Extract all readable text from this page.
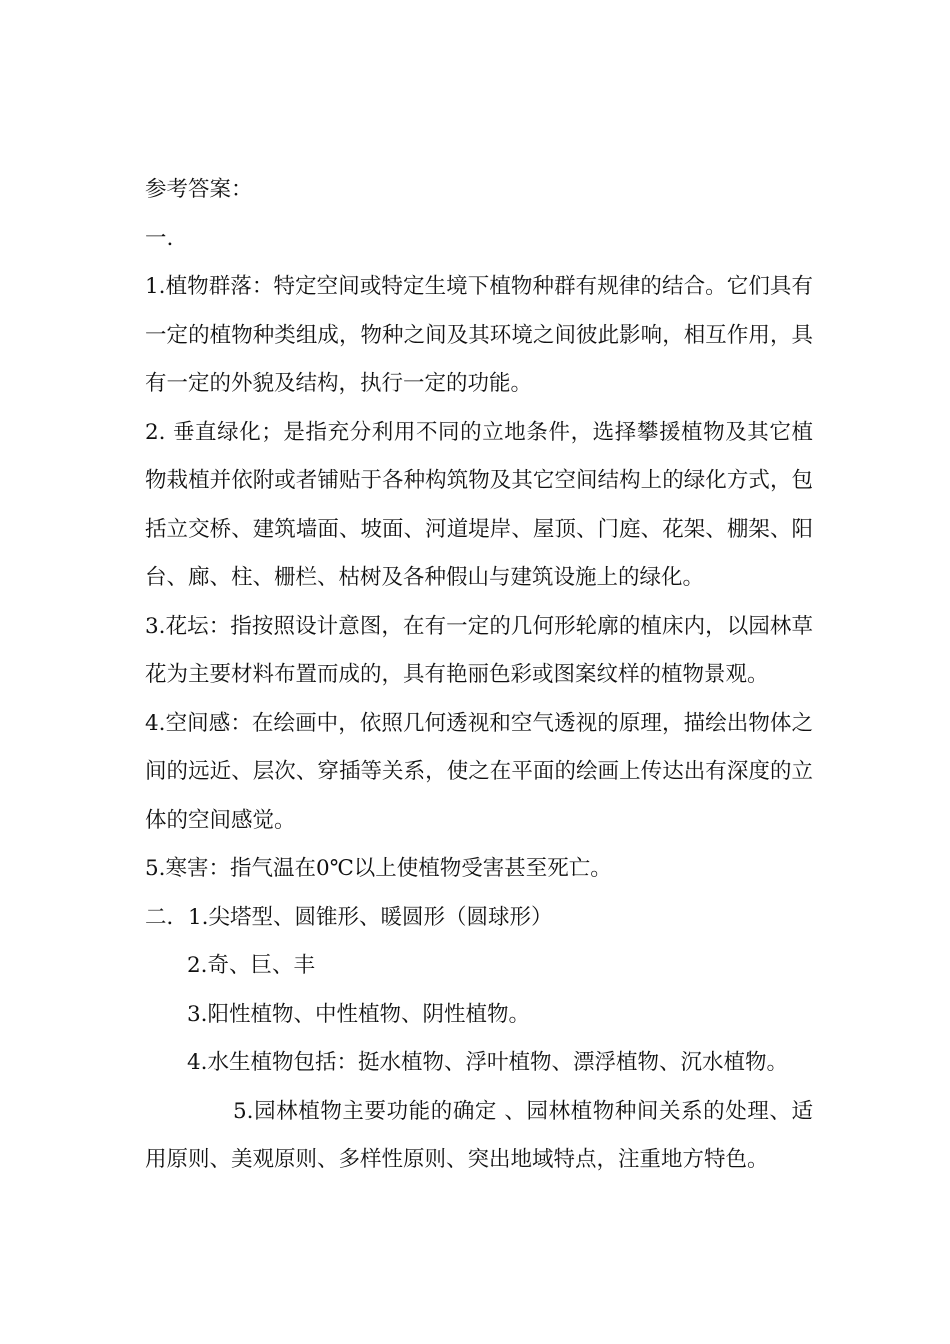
参考答案：
一.
1.植物群落：特定空间或特定生境下植物种群有规律的结合。它们具有一定的植物种类组成，物种之间及其环境之间彼此影响，相互作用，具有一定的外貌及结构，执行一定的功能。
2. 垂直绿化；是指充分利用不同的立地条件，选择攀援植物及其它植物栽植并依附或者铺贴于各种构筑物及其它空间结构上的绿化方式，包括立交桥、建筑墙面、坡面、河道堤岸、屋顶、门庭、花架、棚架、阳台、廊、柱、栅栏、枯树及各种假山与建筑设施上的绿化。
3.花坛：指按照设计意图，在有一定的几何形轮廓的植床内，以园林草花为主要材料布置而成的，具有艳丽色彩或图案纹样的植物景观。
4.空间感：在绘画中，依照几何透视和空气透视的原理，描绘出物体之间的远近、层次、穿插等关系，使之在平面的绘画上传达出有深度的立体的空间感觉。
5.寒害：指气温在0℃以上使植物受害甚至死亡。
二．1.尖塔型、圆锥形、暖圆形（圆球形）
2.奇、巨、丰
3.阳性植物、中性植物、阴性植物。
4.水生植物包括：挺水植物、浮叶植物、漂浮植物、沉水植物。
5.园林植物主要功能的确定 、园林植物种间关系的处理、适用原则、美观原则、多样性原则、突出地域特点，注重地方特色。
